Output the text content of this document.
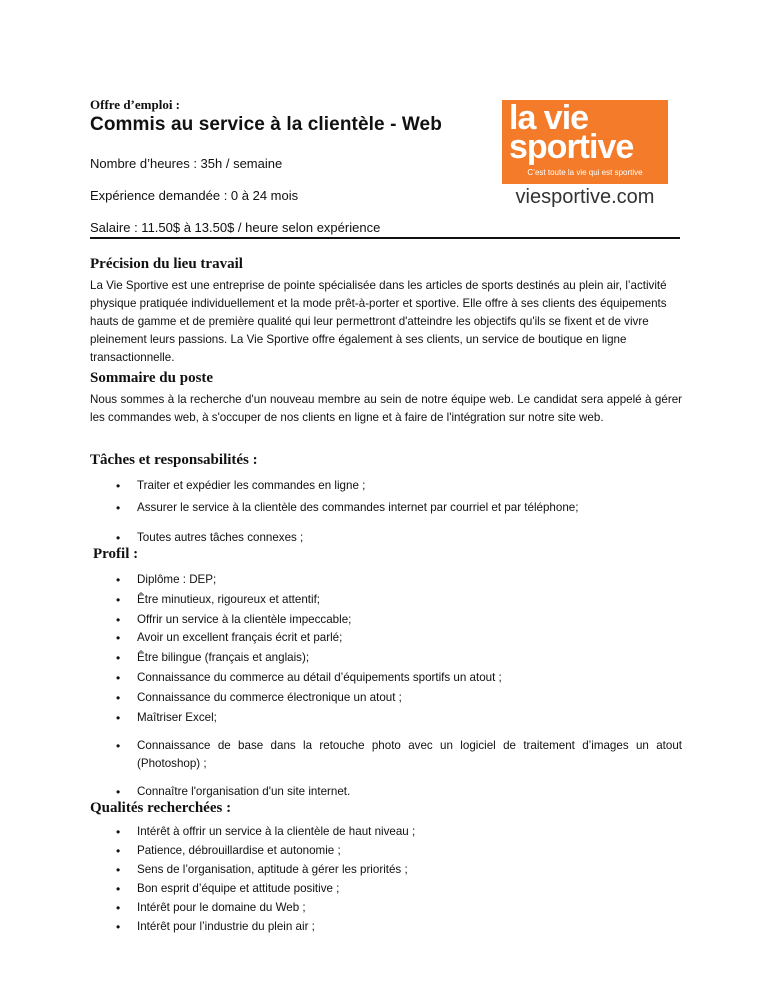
Offre d’emploi :
Commis au service à la clientèle - Web
Nombre d’heures : 35h / semaine
Expérience demandée : 0 à 24 mois
Salaire : 11.50$ à 13.50$ / heure selon expérience
la vie
sportive
C’est toute la vie qui est sportive
viesportive.com
Précision du lieu travail

La Vie Sportive est une entreprise de pointe spécialisée dans les articles de sports destinés au plein air, l’activité physique pratiquée individuellement et la mode prêt-à-porter et sportive. Elle offre à ses clients des équipements hauts de gamme et de première qualité qui leur permettront d'atteindre les objectifs qu'ils se fixent et de vivre pleinement leurs passions. La Vie Sportive offre également à ses clients, un service de boutique en ligne transactionnelle.

Sommaire du poste

Nous sommes à la recherche d'un nouveau membre au sein de notre équipe web. Le candidat sera appelé à gérer les commandes web, à s'occuper de nos clients en ligne et à faire de l'intégration sur notre site web.

Tâches et responsabilités :
• Traiter et expédier les commandes en ligne ;
• Assurer le service à la clientèle des commandes internet par courriel et par téléphone;
• Toutes autres tâches connexes ;
Profil :
• Diplôme : DEP;
• Être minutieux, rigoureux et attentif;
• Offrir un service à la clientèle impeccable;
• Avoir un excellent français écrit et parlé;
• Être bilingue (français et anglais);
• Connaissance du commerce au détail d’équipements sportifs un atout ;
• Connaissance du commerce électronique un atout ;
• Maîtriser Excel;
• Connaissance de base dans la retouche photo avec un logiciel de traitement d’images un atout (Photoshop) ;
• Connaître l'organisation d'un site internet.
Qualités recherchées :
• Intérêt à offrir un service à la clientèle de haut niveau ;
• Patience, débrouillardise et autonomie ;
• Sens de l’organisation, aptitude à gérer les priorités ;
• Bon esprit d’équipe et attitude positive ;
• Intérêt pour le domaine du Web ;
• Intérêt pour l’industrie du plein air ;
